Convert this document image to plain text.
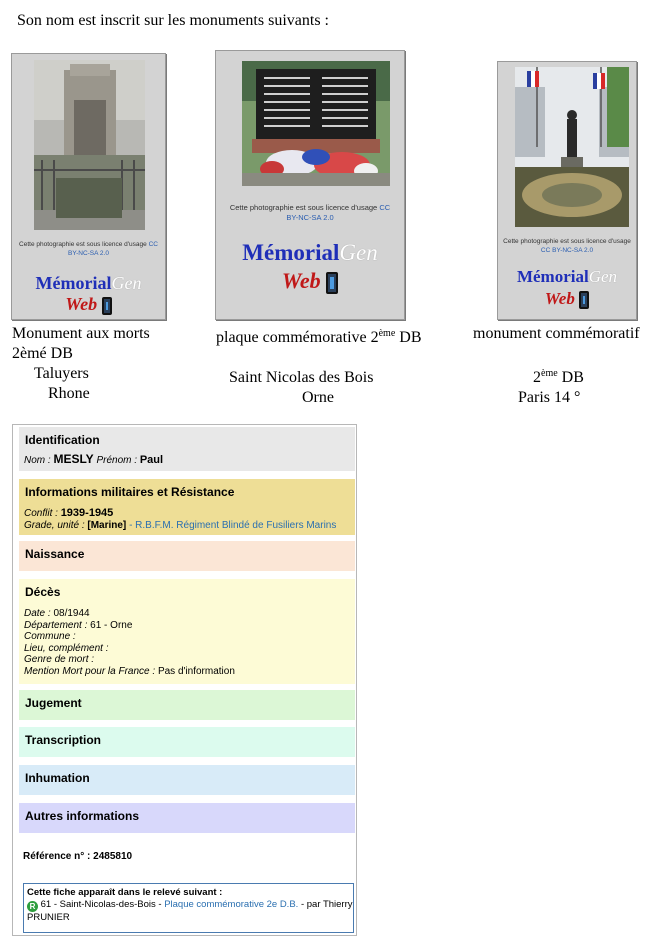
Son nom est inscrit sur les monuments suivants :
Cette photographie est sous licence d'usage CC
BY-NC-SA 2.0
MémorialGen
Web
Cette photographie est sous licence d'usage CC
BY-NC-SA 2.0
MémorialGen
Web
Cette photographie est sous licence d'usage
CC BY-NC-SA 2.0
MémorialGen
Web
Monument aux morts
2èmé DB
Taluyers
Rhone
plaque commémorative 2ème DB
Saint Nicolas des Bois
Orne
monument commémoratif
2ème DB
Paris 14 °
Identification
Nom : MESLY Prénom : Paul
Informations militaires et Résistance
Conflit : 1939-1945
Grade, unité : [Marine] - R.B.F.M. Régiment Blindé de Fusiliers Marins
Naissance
Décès
Date : 08/1944
Département : 61 - Orne
Commune :
Lieu, complément :
Genre de mort :
Mention Mort pour la France : Pas d'information
Jugement
Transcription
Inhumation
Autres informations
Référence n° : 2485810
Cette fiche apparaît dans le relevé suivant :
R 61 - Saint-Nicolas-des-Bois - Plaque commémorative 2e D.B. - par Thierry
PRUNIER
